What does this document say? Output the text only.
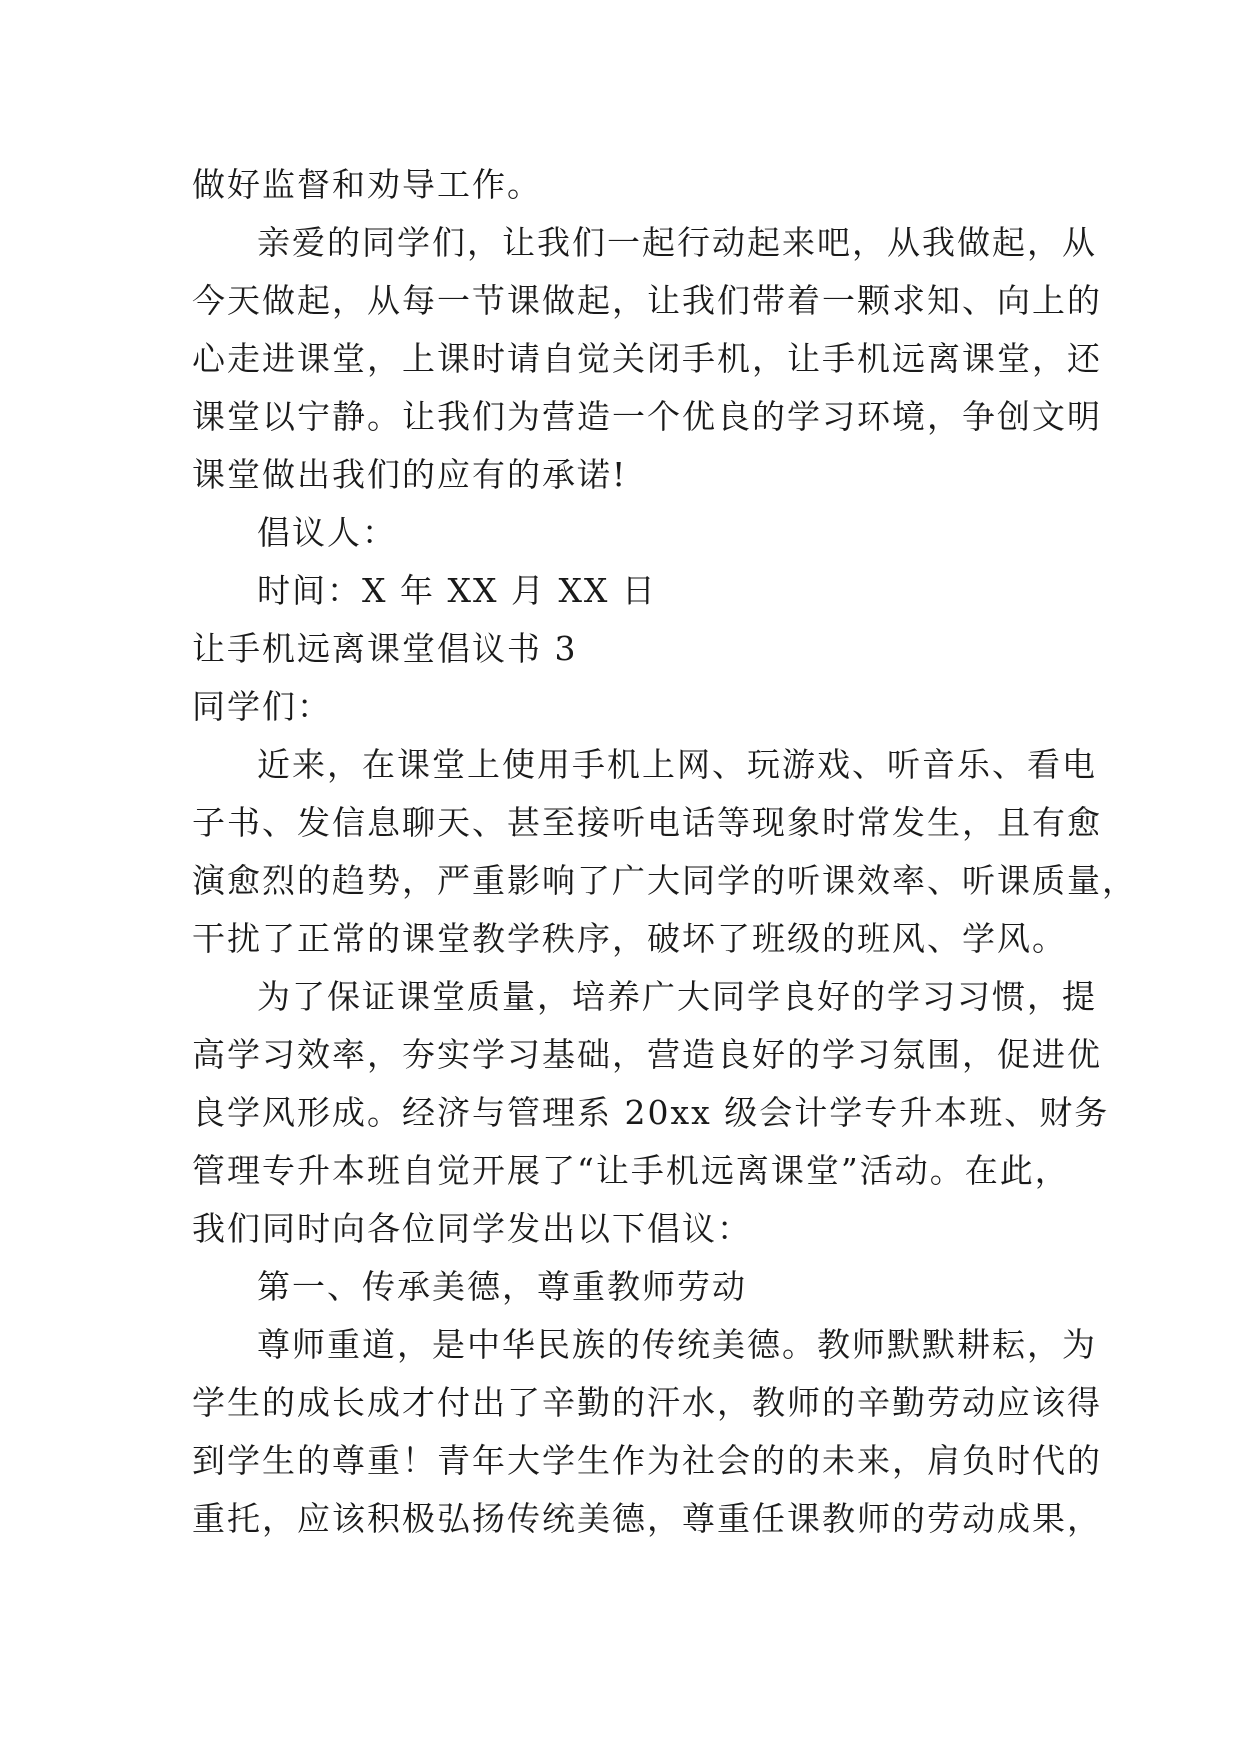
做好监督和劝导工作。
亲爱的同学们，让我们一起行动起来吧，从我做起，从
今天做起，从每一节课做起，让我们带着一颗求知、向上的
心走进课堂，上课时请自觉关闭手机，让手机远离课堂，还
课堂以宁静。让我们为营造一个优良的学习环境，争创文明
课堂做出我们的应有的承诺!
倡议人：
时间：X 年 XX 月 XX 日
让手机远离课堂倡议书 3
同学们：
近来，在课堂上使用手机上网、玩游戏、听音乐、看电
子书、发信息聊天、甚至接听电话等现象时常发生，且有愈
演愈烈的趋势，严重影响了广大同学的听课效率、听课质量，
干扰了正常的课堂教学秩序，破坏了班级的班风、学风。
为了保证课堂质量，培养广大同学良好的学习习惯，提
高学习效率，夯实学习基础，营造良好的学习氛围，促进优
良学风形成。经济与管理系 20xx 级会计学专升本班、财务
管理专升本班自觉开展了“让手机远离课堂”活动。在此，
我们同时向各位同学发出以下倡议：
第一、传承美德，尊重教师劳动
尊师重道，是中华民族的传统美德。教师默默耕耘，为
学生的成长成才付出了辛勤的汗水，教师的辛勤劳动应该得
到学生的尊重！青年大学生作为社会的的未来，肩负时代的
重托，应该积极弘扬传统美德，尊重任课教师的劳动成果，
